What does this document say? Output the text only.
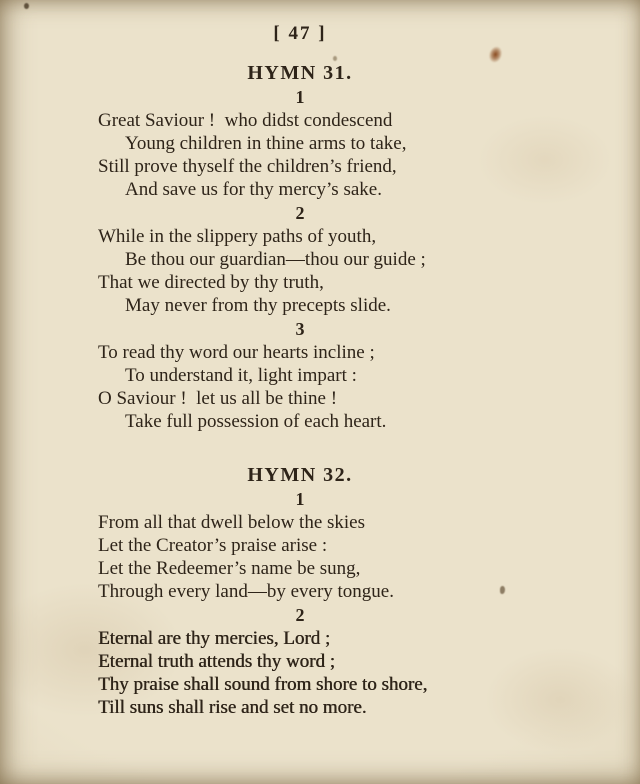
[ 47 ]
HYMN 31.
1
Great Saviour !  who didst condescend
Young children in thine arms to take,
Still prove thyself the children’s friend,
And save us for thy mercy’s sake.
2
While in the slippery paths of youth,
Be thou our guardian—thou our guide ;
That we directed by thy truth,
May never from thy precepts slide.
3
To read thy word our hearts incline ;
To understand it, light impart :
O Saviour !  let us all be thine !
Take full possession of each heart.
HYMN 32.
1
From all that dwell below the skies
Let the Creator’s praise arise :
Let the Redeemer’s name be sung,
Through every land—by every tongue.
2
Eternal are thy mercies, Lord ;
Eternal truth attends thy word ;
Thy praise shall sound from shore to shore,
Till suns shall rise and set no more.
